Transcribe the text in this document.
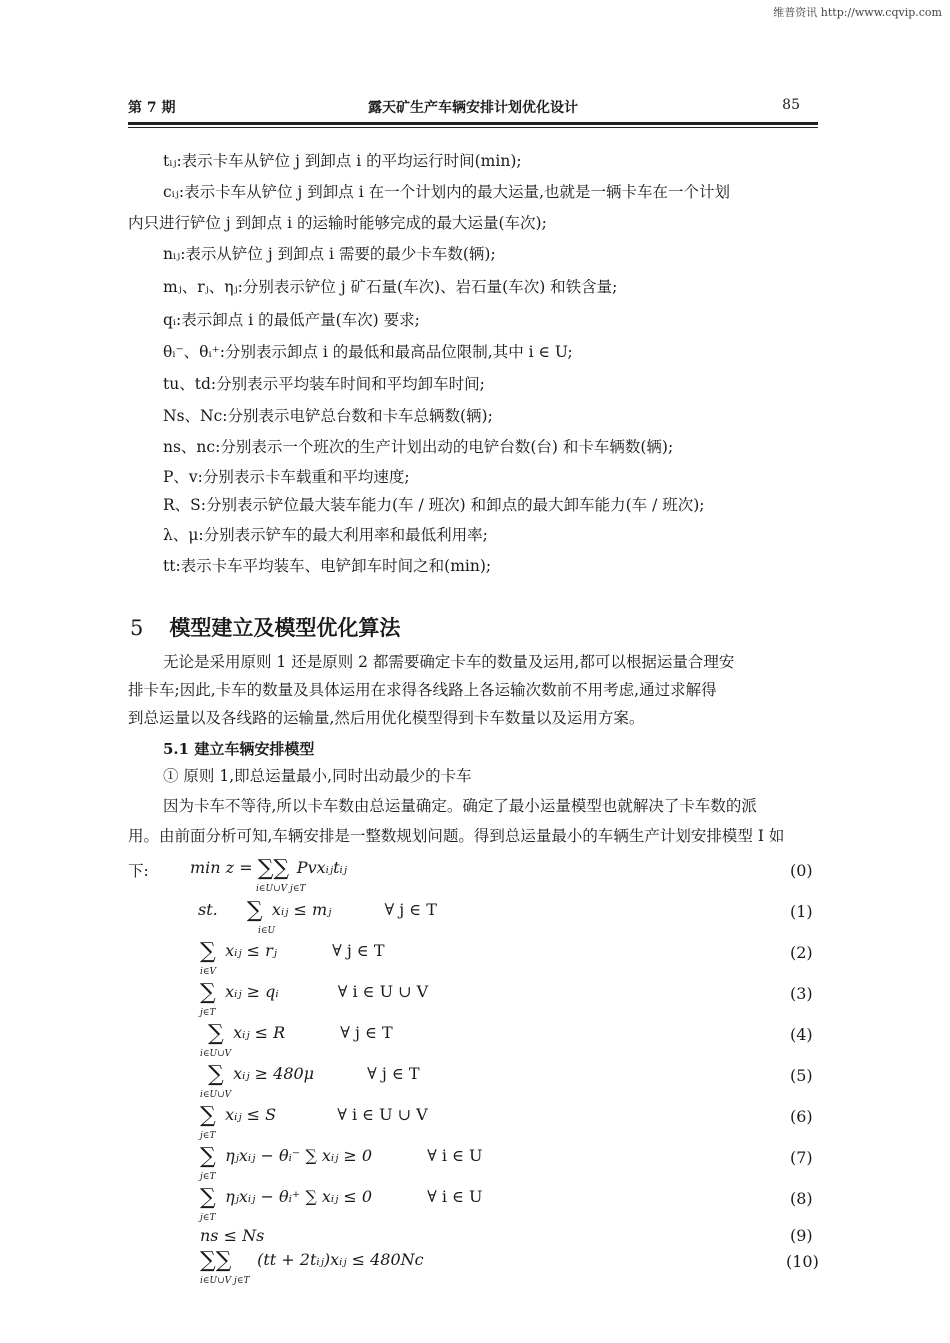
维普资讯 http://www.cqvip.com
第 7 期	露天矿生产车辆安排计划优化设计	85
tᵢⱼ:表示卡车从铲位 j 到卸点 i 的平均运行时间(min);
cᵢⱼ:表示卡车从铲位 j 到卸点 i 在一个计划内的最大运量,也就是一辆卡车在一个计划
内只进行铲位 j 到卸点 i 的运输时能够完成的最大运量(车次);
nᵢⱼ:表示从铲位 j 到卸点 i 需要的最少卡车数(辆);
mⱼ、rⱼ、ηⱼ:分别表示铲位 j 矿石量(车次)、岩石量(车次) 和铁含量;
qᵢ:表示卸点 i 的最低产量(车次) 要求;
θᵢ⁻、θᵢ⁺:分别表示卸点 i 的最低和最高品位限制,其中 i ∈ U;
tu、td:分别表示平均装车时间和平均卸车时间;
Ns、Nc:分别表示电铲总台数和卡车总辆数(辆);
ns、nc:分别表示一个班次的生产计划出动的电铲台数(台) 和卡车辆数(辆);
P、v:分别表示卡车载重和平均速度;
R、S:分别表示铲位最大装车能力(车 / 班次) 和卸点的最大卸车能力(车 / 班次);
λ、μ:分别表示铲车的最大利用率和最低利用率;
tt:表示卡车平均装车、电铲卸车时间之和(min);
5 模型建立及模型优化算法
无论是采用原则 1 还是原则 2 都需要确定卡车的数量及运用,都可以根据运量合理安
排卡车;因此,卡车的数量及具体运用在求得各线路上各运输次数前不用考虑,通过求解得
到总运量以及各线路的运输量,然后用优化模型得到卡车数量以及运用方案。
5.1 建立车辆安排模型
① 原则 1,即总运量最小,同时出动最少的卡车
因为卡车不等待,所以卡车数由总运量确定。确定了最小运量模型也就解决了卡车数的派
用。由前面分析可知,车辆安排是一整数规划问题。得到总运量最小的车辆生产计划安排模型 Ⅰ 如
下:	min z = ∑∑ Pvxᵢⱼtᵢⱼ
i∈U∪V j∈T
(0)
st. ∑ xᵢⱼ ≤ mⱼ
i∈U
∀ j ∈ T	(1)
∑ xᵢⱼ ≤ rⱼ
i∈V
∀ j ∈ T	(2)
∑ xᵢⱼ ≥ qᵢ
j∈T
∀ i ∈ U ∪ V	(3)
∑ xᵢⱼ ≤ R
i∈U∪V
∀ j ∈ T	(4)
∑ xᵢⱼ ≥ 480μ
i∈U∪V
∀ j ∈ T	(5)
∑ xᵢⱼ ≤ S
j∈T
∀ i ∈ U ∪ V	(6)
∑ ηⱼxᵢⱼ − θᵢ⁻ ∑ xᵢⱼ ≥ 0
j∈T
∀ i ∈ U	(7)
∑ ηⱼxᵢⱼ − θᵢ⁺ ∑ xᵢⱼ ≤ 0
j∈T
∀ i ∈ U	(8)
ns ≤ Ns	(9)
∑∑ (tt + 2tᵢⱼ)xᵢⱼ ≤ 480Nc
i∈U∪V j∈T
(10)
